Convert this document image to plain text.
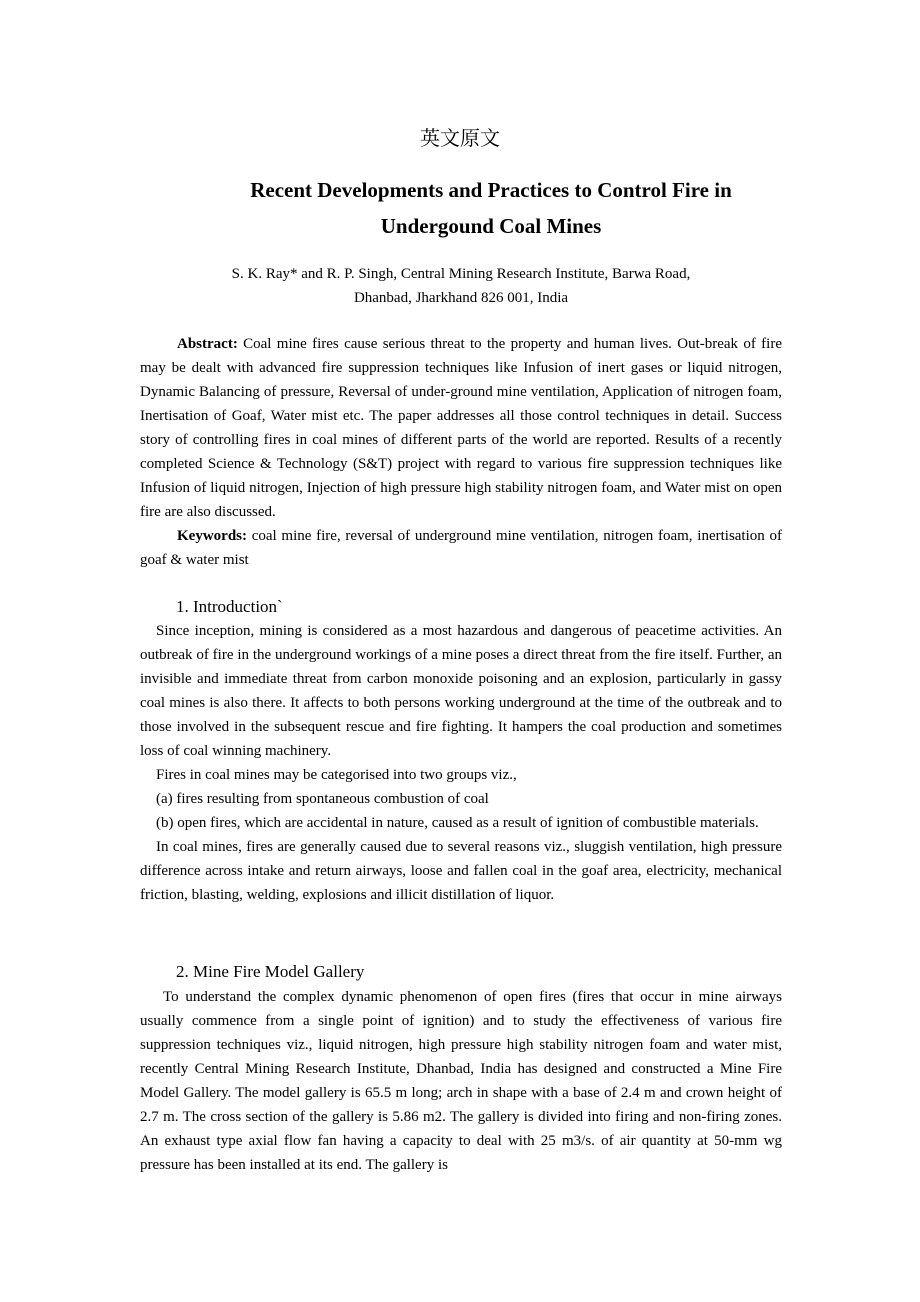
英文原文
Recent Developments and Practices to Control Fire in Undergound Coal Mines
S. K. Ray* and R. P. Singh, Central Mining Research Institute, Barwa Road,
Dhanbad, Jharkhand 826 001, India

Abstract: Coal mine fires cause serious threat to the property and human lives. Out-break of fire may be dealt with advanced fire suppression techniques like Infusion of inert gases or liquid nitrogen, Dynamic Balancing of pressure, Reversal of under-ground mine ventilation, Application of nitrogen foam, Inertisation of Goaf, Water mist etc. The paper addresses all those control techniques in detail. Success story of controlling fires in coal mines of different parts of the world are reported. Results of a recently completed Science & Technology (S&T) project with regard to various fire suppression techniques like Infusion of liquid nitrogen, Injection of high pressure high stability nitrogen foam, and Water mist on open fire are also discussed.

Keywords: coal mine fire, reversal of underground mine ventilation, nitrogen foam, inertisation of goaf & water mist

1. Introduction`

Since inception, mining is considered as a most hazardous and dangerous of peacetime activities. An outbreak of fire in the underground workings of a mine poses a direct threat from the fire itself. Further, an invisible and immediate threat from carbon monoxide poisoning and an explosion, particularly in gassy coal mines is also there. It affects to both persons working underground at the time of the outbreak and to those involved in the subsequent rescue and fire fighting. It hampers the coal production and sometimes loss of coal winning machinery.

Fires in coal mines may be categorised into two groups viz.,

(a) fires resulting from spontaneous combustion of coal

(b) open fires, which are accidental in nature, caused as a result of ignition of combustible materials.

In coal mines, fires are generally caused due to several reasons viz., sluggish ventilation, high pressure difference across intake and return airways, loose and fallen coal in the goaf area, electricity, mechanical friction, blasting, welding, explosions and illicit distillation of liquor.

2. Mine Fire Model Gallery

To understand the complex dynamic phenomenon of open fires (fires that occur in mine airways usually commence from a single point of ignition) and to study the effectiveness of various fire suppression techniques viz., liquid nitrogen, high pressure high stability nitrogen foam and water mist, recently Central Mining Research Institute, Dhanbad, India has designed and constructed a Mine Fire Model Gallery. The model gallery is 65.5 m long; arch in shape with a base of 2.4 m and crown height of 2.7 m. The cross section of the gallery is 5.86 m2. The gallery is divided into firing and non-firing zones. An exhaust type axial flow fan having a capacity to deal with 25 m3/s. of air quantity at 50-mm wg pressure has been installed at its end. The gallery is
